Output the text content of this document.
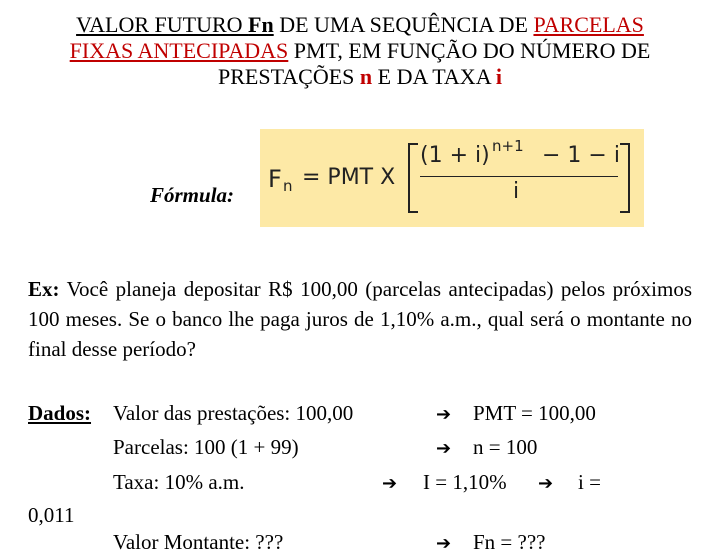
VALOR FUTURO Fn DE UMA SEQUÊNCIA DE PARCELAS
FIXAS ANTECIPADAS PMT, EM FUNÇÃO DO NÚMERO DE
PRESTAÇÕES n E DA TAXA i
Fórmula:
F n = PMT X
(1 + i) n+1 − 1 − i
i
Ex: Você planeja depositar R$ 100,00 (parcelas antecipadas) pelos próximos 100 meses. Se o banco lhe paga juros de 1,10% a.m., qual será o montante no final desse período?
Dados: Valor das prestações: 100,00	➔ PMT = 100,00
Parcelas: 100 (1 + 99)	➔ n = 100
Taxa: 10% a.m.	➔ I = 1,10% ➔ i =
0,011
Valor Montante: ???	➔ Fn = ???
